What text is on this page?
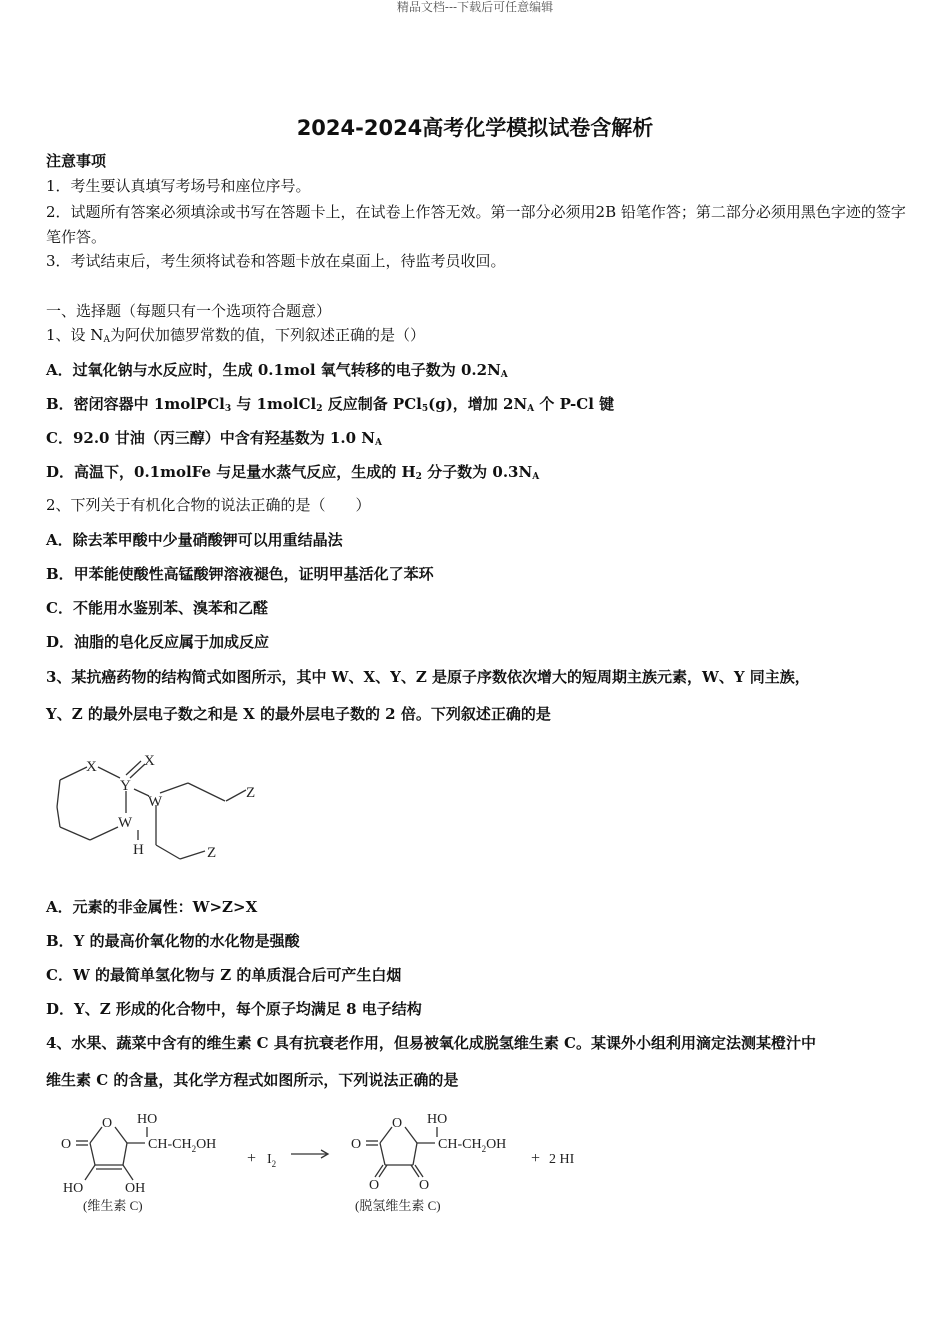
精品文档---下载后可任意编辑
2024-2024高考化学模拟试卷含解析
注意事项
1．考生要认真填写考场号和座位序号。
2．试题所有答案必须填涂或书写在答题卡上，在试卷上作答无效。第一部分必须用2B 铅笔作答；第二部分必须用黑色字迹的签字笔作答。
3．考试结束后，考生须将试卷和答题卡放在桌面上，待监考员收回。
一、选择题（每题只有一个选项符合题意）
1、设 $N_A$为阿伏加德罗常数的值，下列叙述正确的是（）
A．过氧化钠与水反应时，生成 0.1mol 氧气转移的电子数为 $0.2N_A$
B．密闭容器中 1molPCl$_3$ 与 1molCl$_2$ 反应制备 PCl$_5$(g)，增加 $2N_A$ 个 P-Cl 键
C．92.0 甘油（丙三醇）中含有羟基数为 1.0 $N_A$
D．高温下，0.1molFe 与足量水蒸气反应，生成的 $H_2$ 分子数为 $0.3N_A$
2、下列关于有机化合物的说法正确的是（　　）
A．除去苯甲酸中少量硝酸钾可以用重结晶法
B．甲苯能使酸性高锰酸钾溶液褪色，证明甲基活化了苯环
C．不能用水鉴别苯、溴苯和乙醛
D．油脂的皂化反应属于加成反应
3、某抗癌药物的结构简式如图所示，其中 W、X、Y、Z 是原子序数依次增大的短周期主族元素，W、Y 同主族，
Y、Z 的最外层电子数之和是 X 的最外层电子数的 2 倍。下列叙述正确的是
X	X
Y
W
W
Z
Z
H
A．元素的非金属性：W>Z>X
B．Y 的最高价氧化物的水化物是强酸
C．W 的最简单氢化物与 Z 的单质混合后可产生白烟
D．Y、Z 形成的化合物中，每个原子均满足 8 电子结构
4、水果、蔬菜中含有的维生素 C 具有抗衰老作用，但易被氧化成脱氢维生素 C。某课外小组利用滴定法测某橙汁中
维生素 C 的含量，其化学方程式如图所示，下列说法正确的是
O
O
HO
$CH-CH_2OH$
HO	OH
(维生素 C)
+ $I_2$
O
O
HO
$CH-CH_2OH$
O	O
(脱氢维生素 C)
+ 2 HI
